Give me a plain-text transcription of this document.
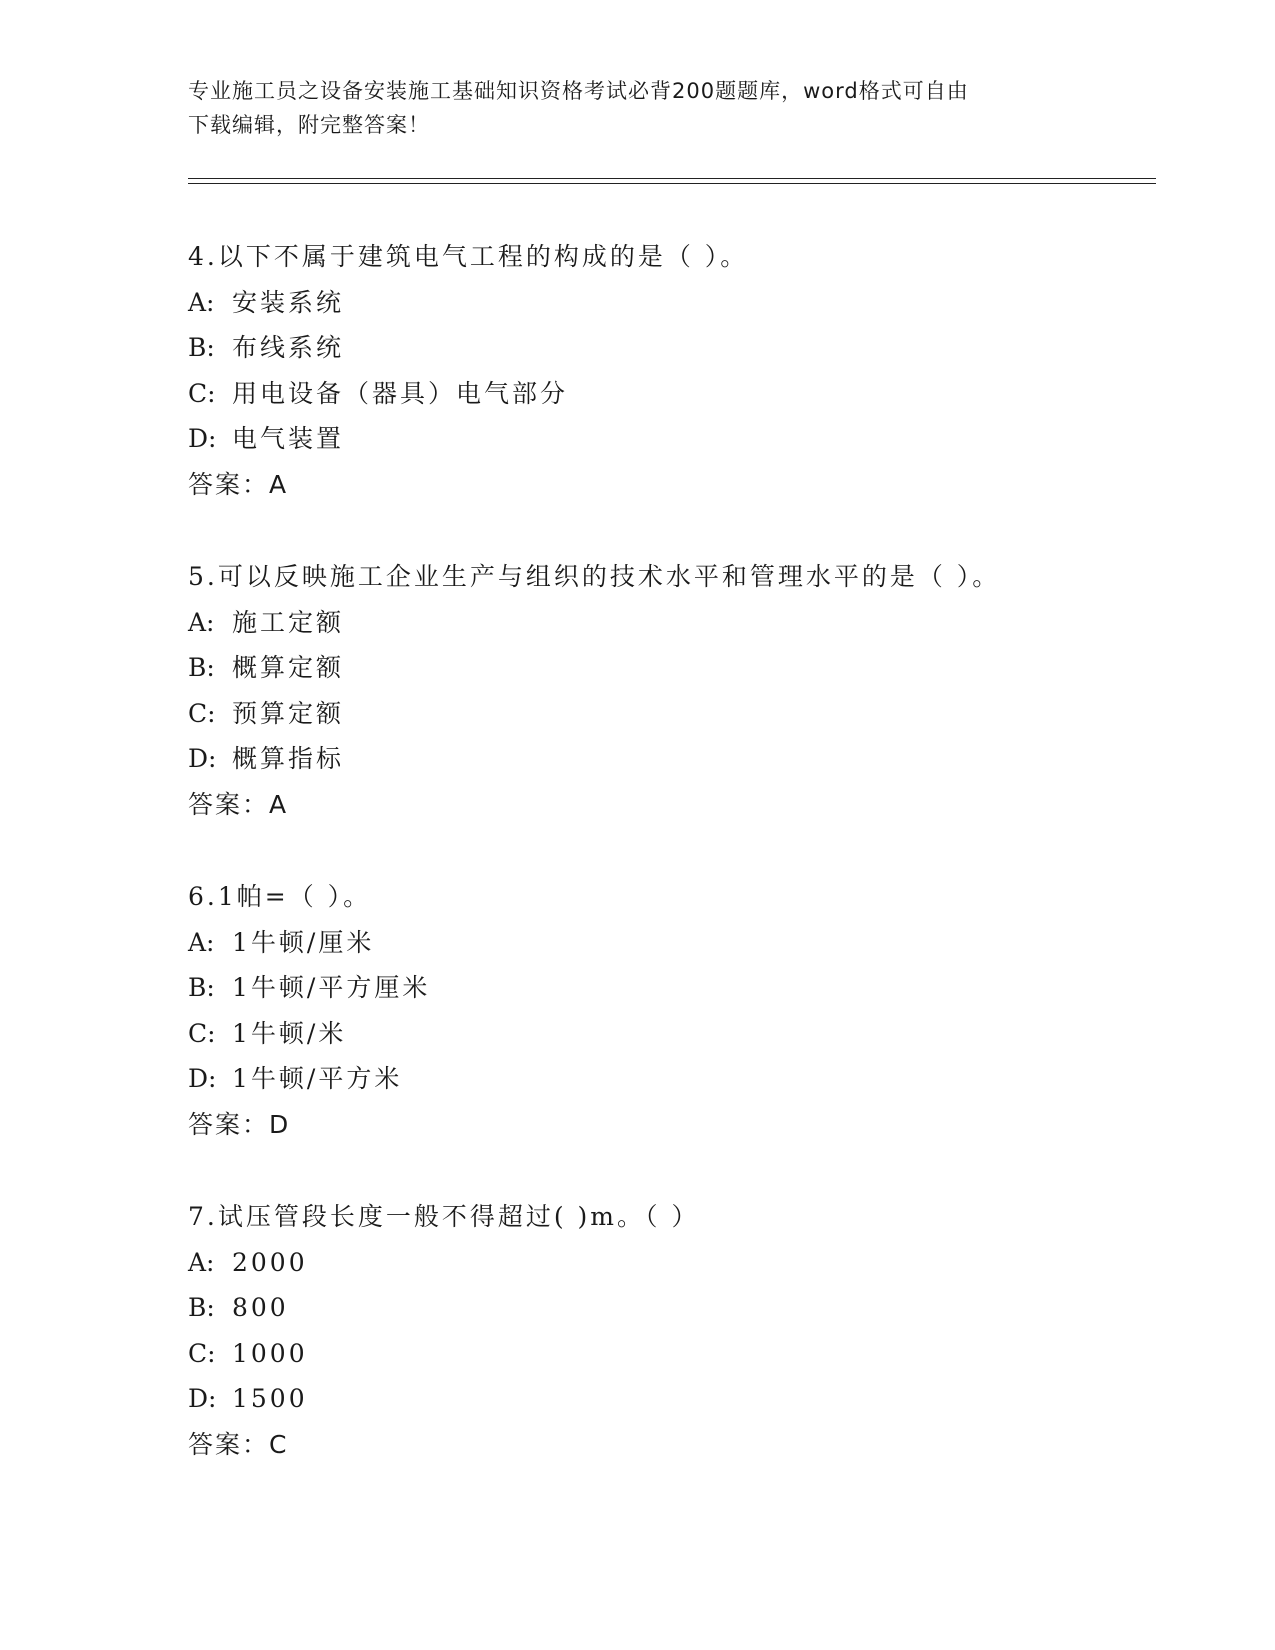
专业施工员之设备安装施工基础知识资格考试必背200题题库，word格式可自由
下载编辑，附完整答案！
4.以下不属于建筑电气工程的构成的是（ ）。
A: 安装系统
B: 布线系统
C: 用电设备（器具）电气部分
D: 电气装置
答案：A
5.可以反映施工企业生产与组织的技术水平和管理水平的是（ ）。
A: 施工定额
B: 概算定额
C: 预算定额
D: 概算指标
答案：A
6.1帕=（ ）。
A: 1牛顿/厘米
B: 1牛顿/平方厘米
C: 1牛顿/米
D: 1牛顿/平方米
答案：D
7.试压管段长度一般不得超过( )m。（ ）
A: 2000
B: 800
C: 1000
D: 1500
答案：C
